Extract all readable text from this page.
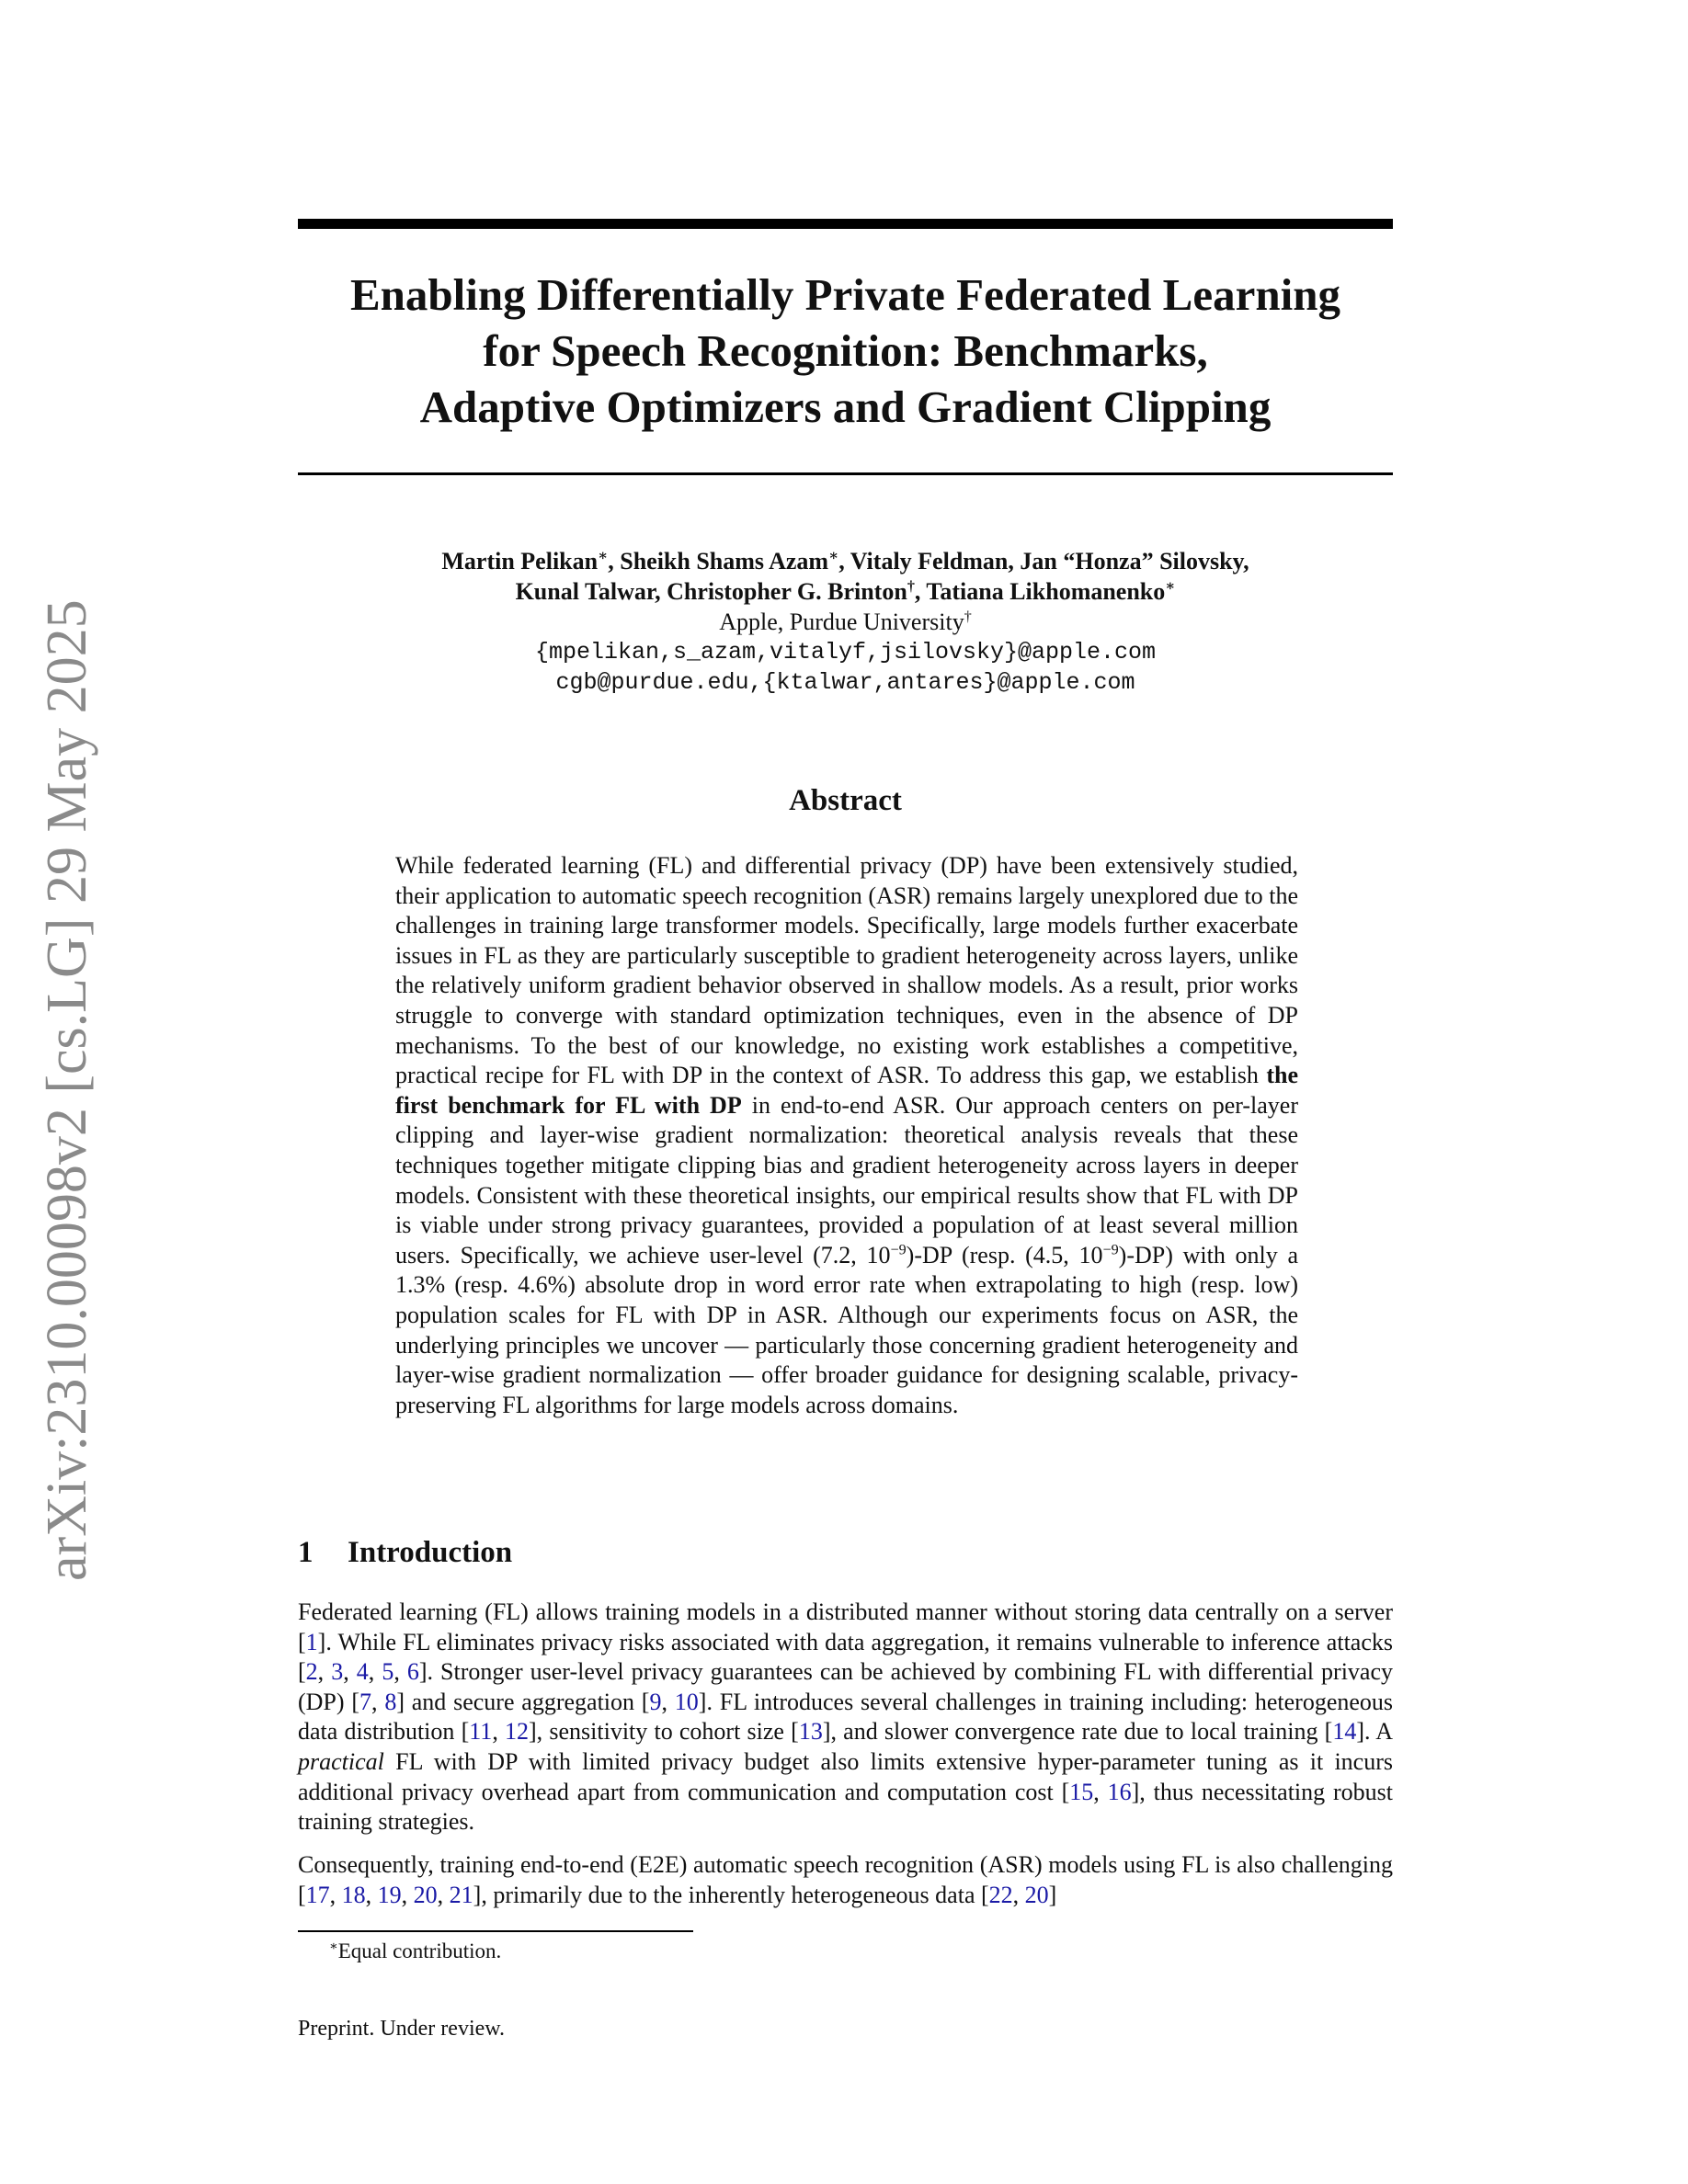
arXiv:2310.00098v2 [cs.LG] 29 May 2025
Enabling Differentially Private Federated Learning
for Speech Recognition: Benchmarks,
Adaptive Optimizers and Gradient Clipping
Martin Pelikan∗, Sheikh Shams Azam∗, Vitaly Feldman, Jan “Honza” Silovsky,
Kunal Talwar, Christopher G. Brinton†, Tatiana Likhomanenko∗
Apple, Purdue University†
{mpelikan,s_azam,vitalyf,jsilovsky}@apple.com
cgb@purdue.edu,{ktalwar,antares}@apple.com
Abstract

While federated learning (FL) and differential privacy (DP) have been extensively studied, their application to automatic speech recognition (ASR) remains largely unexplored due to the challenges in training large transformer models. Specifically, large models further exacerbate issues in FL as they are particularly susceptible to gradient heterogeneity across layers, unlike the relatively uniform gradient behavior observed in shallow models. As a result, prior works struggle to converge with standard optimization techniques, even in the absence of DP mechanisms. To the best of our knowledge, no existing work establishes a competitive, practical recipe for FL with DP in the context of ASR. To address this gap, we establish the first benchmark for FL with DP in end-to-end ASR. Our approach centers on per-layer clipping and layer-wise gradient normalization: theoretical analysis reveals that these techniques together mitigate clipping bias and gradient heterogeneity across layers in deeper models. Consistent with these theoretical insights, our empirical results show that FL with DP is viable under strong privacy guarantees, provided a population of at least several million users. Specifically, we achieve user-level (7.2, $10^{-9})-DP$ (resp. (4.5, $10^{-9})-DP$) with only a 1.3% (resp. 4.6%) absolute drop in word error rate when extrapolating to high (resp. low) population scales for FL with DP in ASR. Although our experiments focus on ASR, the underlying principles we uncover — particularly those concerning gradient heterogeneity and layer-wise gradient normalization — offer broader guidance for designing scalable, privacy-preserving FL algorithms for large models across domains.

1 Introduction

Federated learning (FL) allows training models in a distributed manner without storing data centrally on a server [1]. While FL eliminates privacy risks associated with data aggregation, it remains vulnerable to inference attacks [2, 3, 4, 5, 6]. Stronger user-level privacy guarantees can be achieved by combining FL with differential privacy (DP) [7, 8] and secure aggregation [9, 10]. FL introduces several challenges in training including: heterogeneous data distribution [11, 12], sensitivity to cohort size [13], and slower convergence rate due to local training [14]. A practical FL with DP with limited privacy budget also limits extensive hyper-parameter tuning as it incurs additional privacy overhead apart from communication and computation cost [15, 16], thus necessitating robust training strategies.

Consequently, training end-to-end (E2E) automatic speech recognition (ASR) models using FL is also challenging [17, 18, 19, 20, 21], primarily due to the inherently heterogeneous data [22, 20]

∗Equal contribution.

Preprint. Under review.
